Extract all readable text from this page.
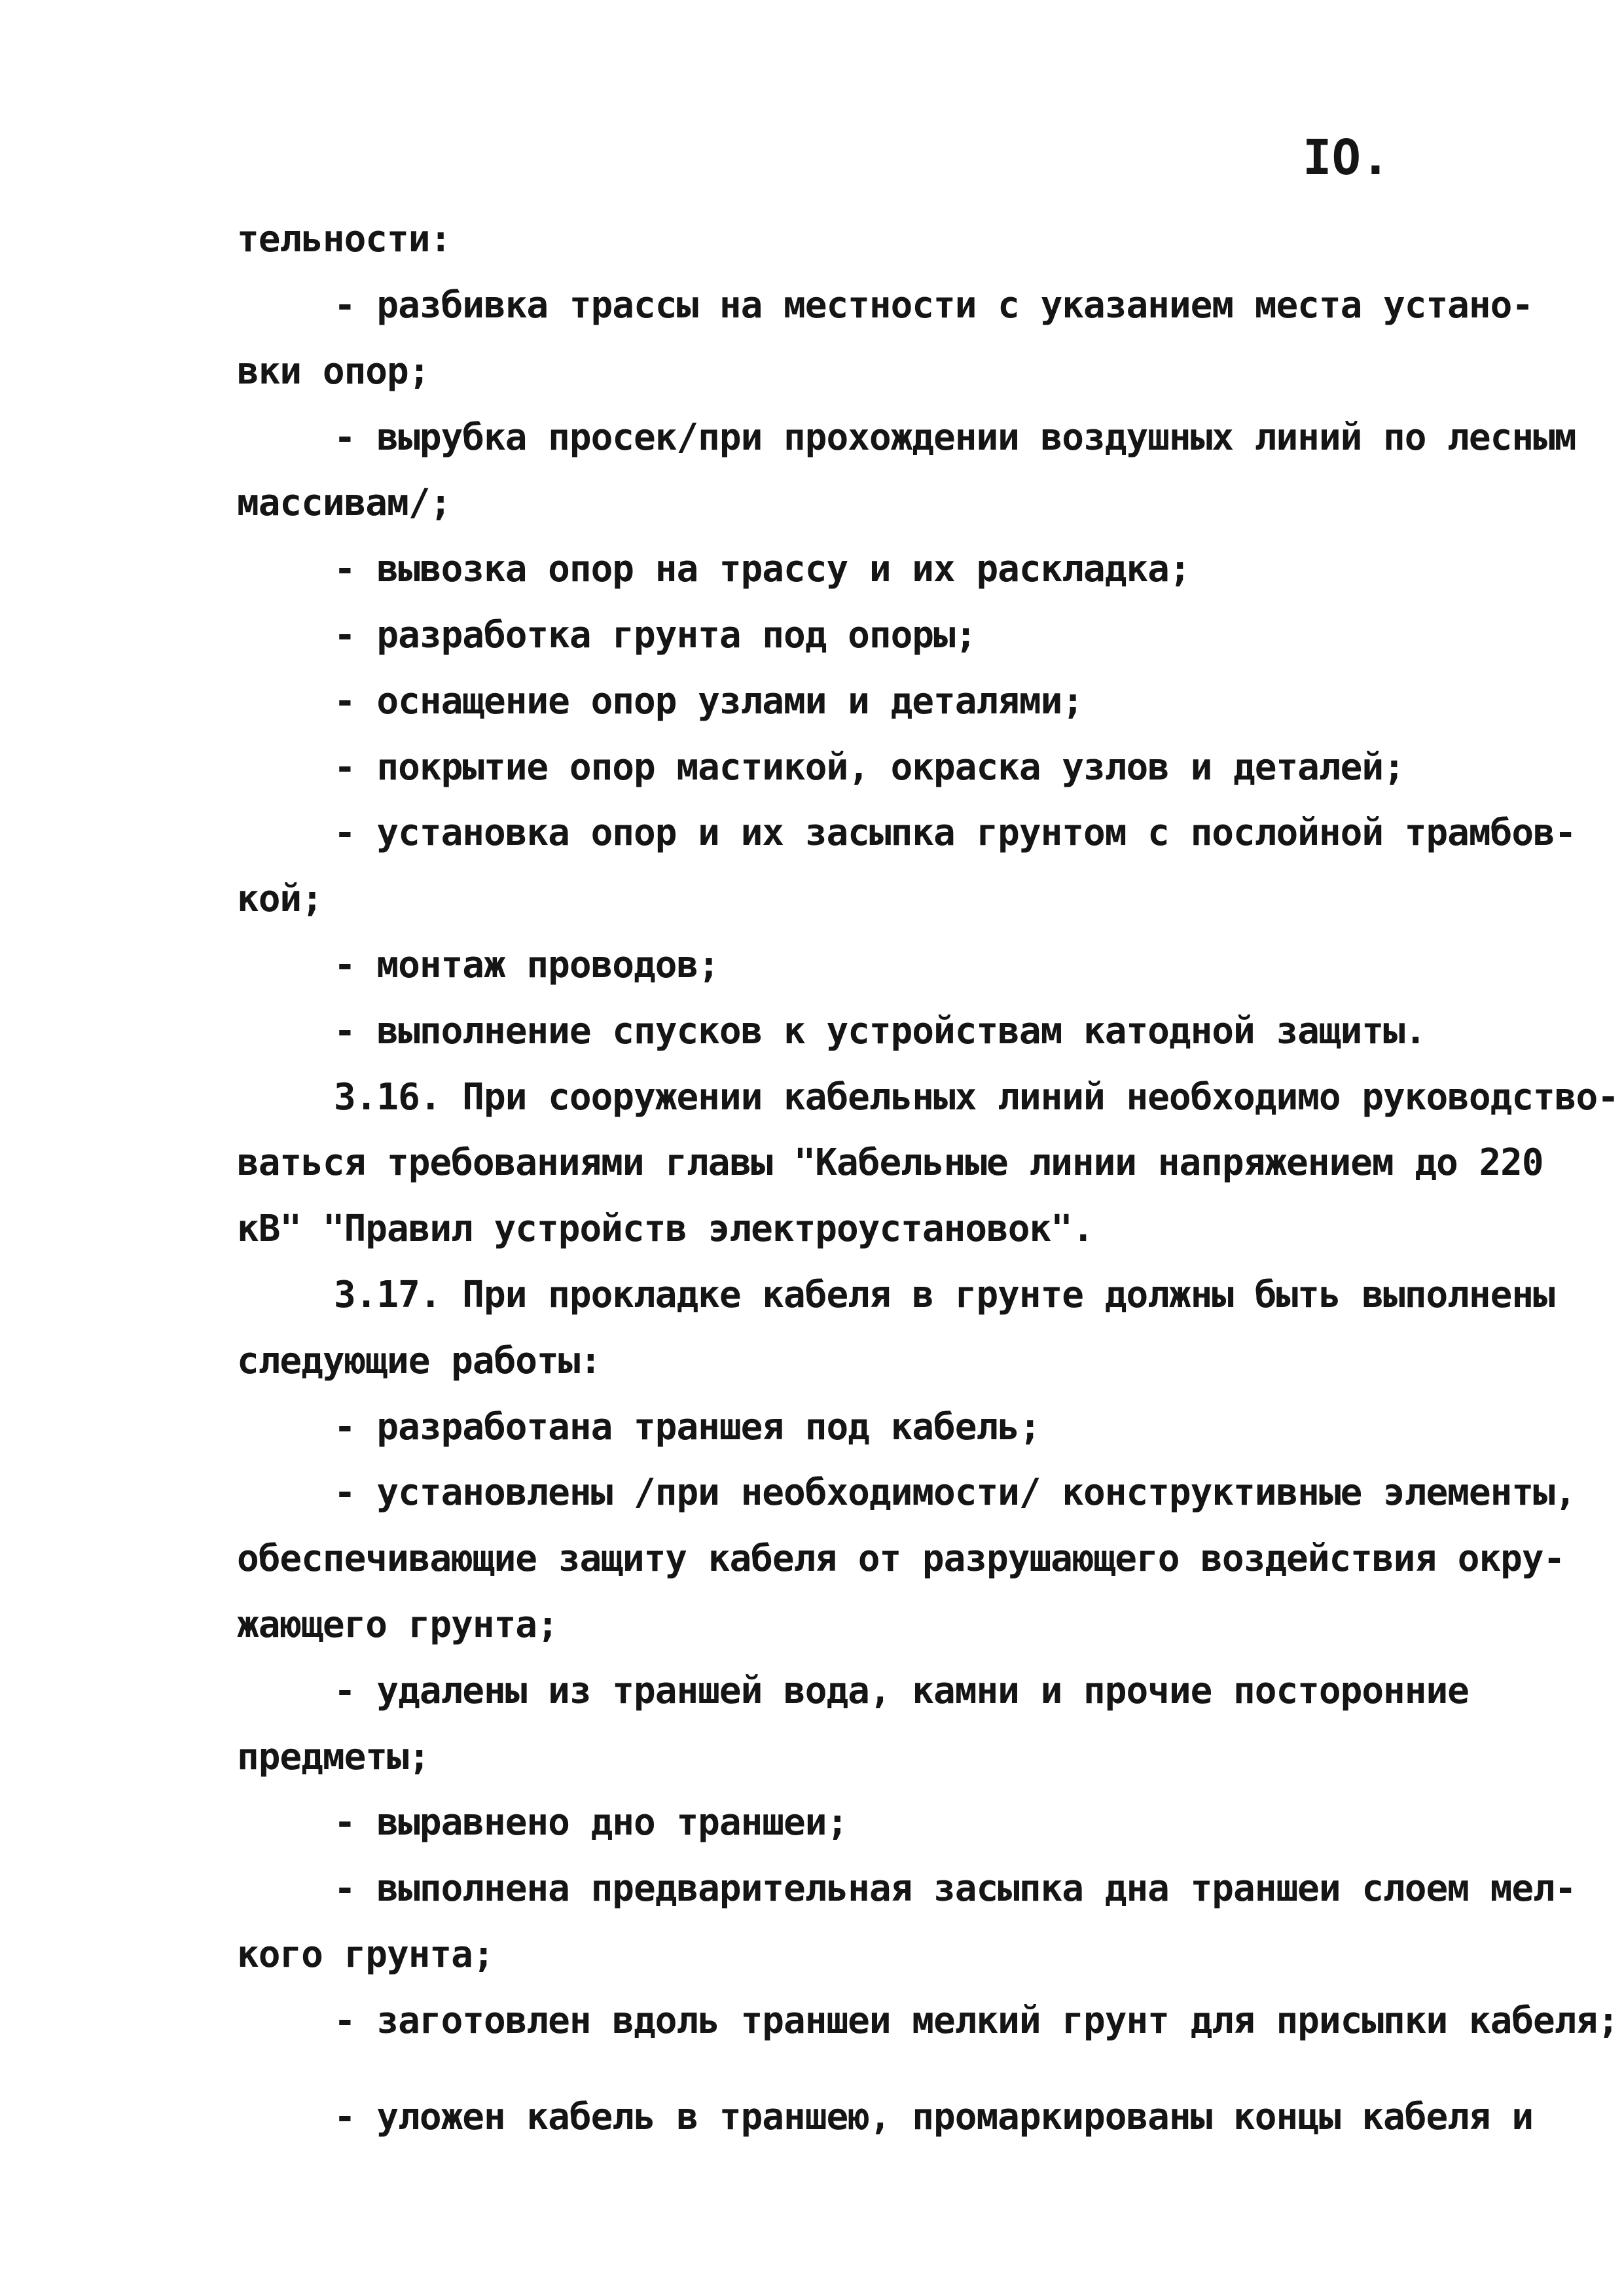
IO.
тельности:
- разбивка трассы на местности с указанием места устано-
вки опор;
- вырубка просек/при прохождении воздушных линий по лесным
массивам/;
- вывозка опор на трассу и их раскладка;
- разработка грунта под опоры;
- оснащение опор узлами и деталями;
- покрытие опор мастикой, окраска узлов и деталей;
- установка опор и их засыпка грунтом с послойной трамбов-
кой;
- монтаж проводов;
- выполнение спусков к устройствам катодной защиты.
3.16. При сооружении кабельных линий необходимо руководство-
ваться требованиями главы "Кабельные линии напряжением до 220
кВ" "Правил устройств электроустановок".
3.17. При прокладке кабеля в грунте должны быть выполнены
следующие работы:
- разработана траншея под кабель;
- установлены /при необходимости/ конструктивные элементы,
обеспечивающие защиту кабеля от разрушающего воздействия окру-
жающего грунта;
- удалены из траншей вода, камни и прочие посторонние
предметы;
- выравнено дно траншеи;
- выполнена предварительная засыпка дна траншеи слоем мел-
кого грунта;
- заготовлен вдоль траншеи мелкий грунт для присыпки кабеля;
- уложен кабель в траншею, промаркированы концы кабеля и
